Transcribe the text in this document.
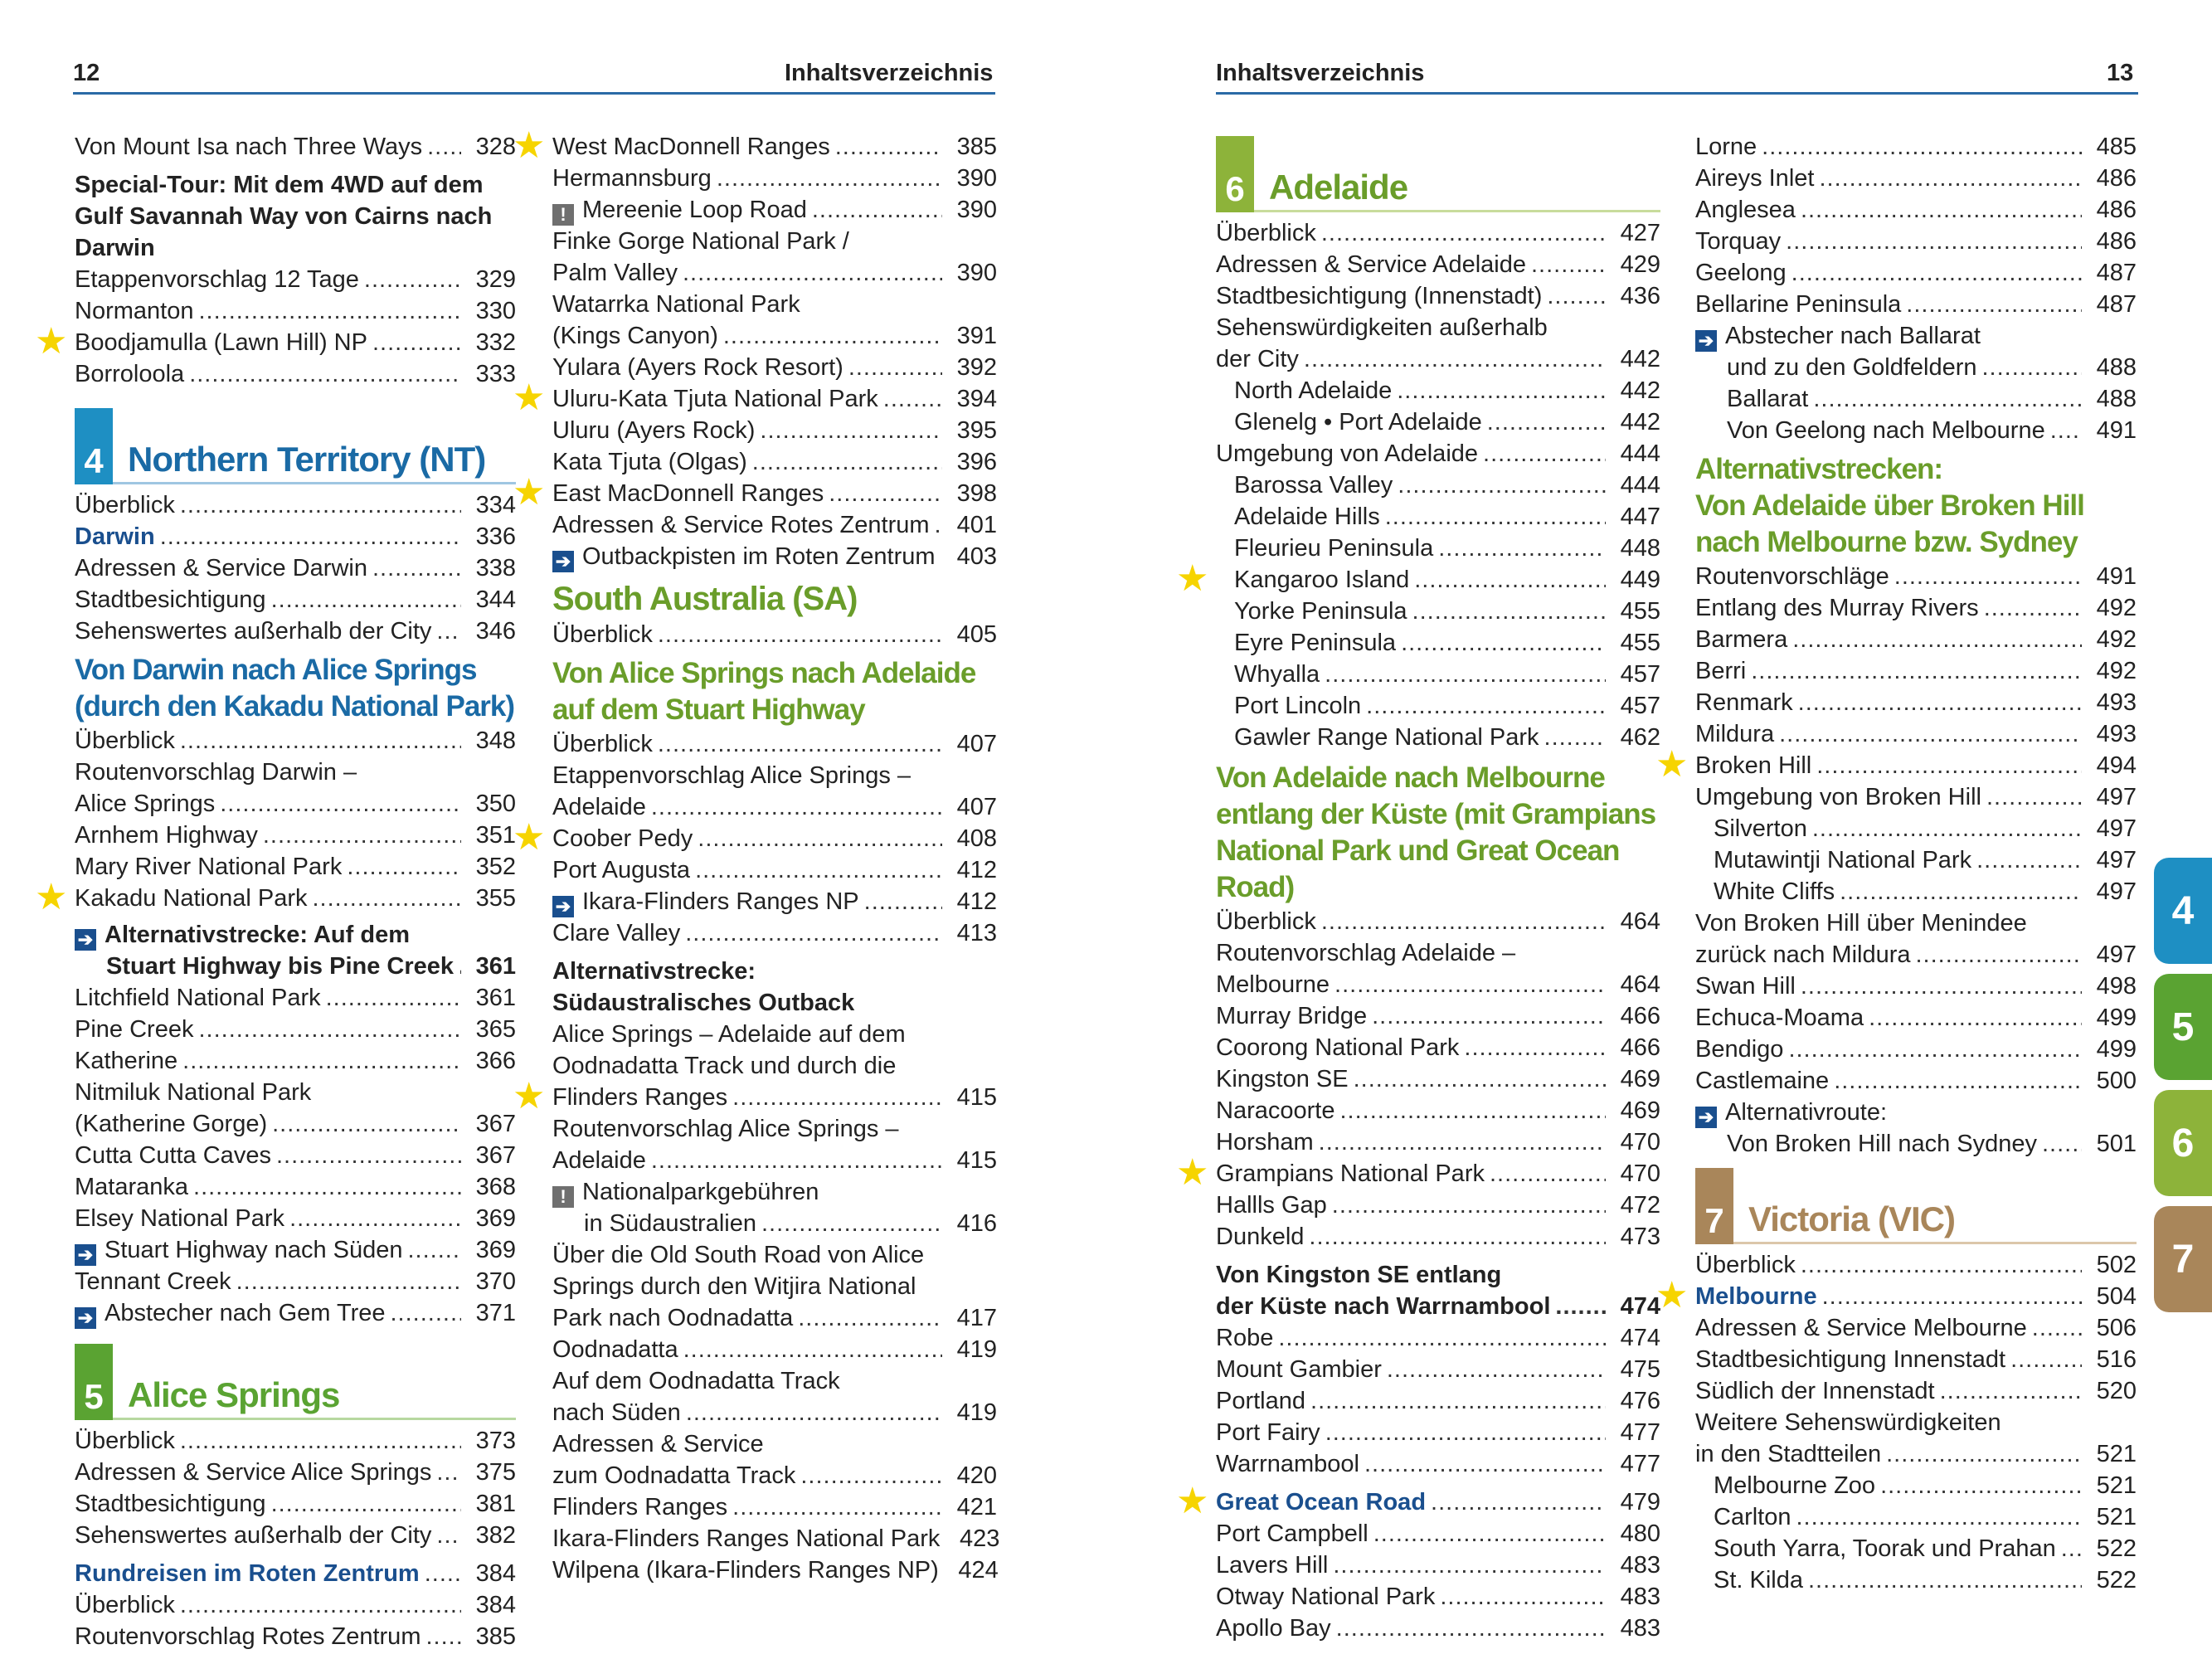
12	Inhaltsverzeichnis	Inhaltsverzeichnis	13
Von Mount Isa nach Three Ways .....	328
Special-Tour: Mit dem 4WD auf dem
Gulf Savannah Way von Cairns nach
Darwin
Etappenvorschlag 12 Tage .....	329
Normanton .....	330
★ Boodjamulla (Lawn Hill) NP .....	332
Borroloola .....	333
4 Northern Territory (NT)
Überblick .....	334
Darwin .....	336
Adressen & Service Darwin .....	338
Stadtbesichtigung .....	344
Sehenswertes außerhalb der City .....	346
Von Darwin nach Alice Springs
(durch den Kakadu National Park)
Überblick .....	348
Routenvorschlag Darwin –
Alice Springs .....	350
Arnhem Highway .....	351
Mary River National Park .....	352
★ Kakadu National Park .....	355
➔ Alternativstrecke: Auf dem
Stuart Highway bis Pine Creek ..... 361
Litchfield National Park .....	361
Pine Creek .....	365
Katherine .....	366
Nitmiluk National Park
(Katherine Gorge) .....	367
Cutta Cutta Caves .....	367
Mataranka .....	368
Elsey National Park .....	369
➔ Stuart Highway nach Süden .....	369
Tennant Creek .....	370
➔ Abstecher nach Gem Tree .....	371
5 Alice Springs
Überblick .....	373
Adressen & Service Alice Springs .....	375
Stadtbesichtigung .....	381
Sehenswertes außerhalb der City .....	382
Rundreisen im Roten Zentrum .....	384
Überblick .....	384
Routenvorschlag Rotes Zentrum .....	385
★ West MacDonnell Ranges .....	385
Hermannsburg .....	390
! Mereenie Loop Road .....	390
Finke Gorge National Park /
Palm Valley .....	390
Watarrka National Park
(Kings Canyon) .....	391
Yulara (Ayers Rock Resort) .....	392
★ Uluru-Kata Tjuta National Park .....	394
Uluru (Ayers Rock) .....	395
Kata Tjuta (Olgas) .....	396
★ East MacDonnell Ranges .....	398
Adressen & Service Rotes Zentrum .....	401
➔ Outbackpisten im Roten Zentrum ..... 403
South Australia (SA)
Überblick .....	405
Von Alice Springs nach Adelaide
auf dem Stuart Highway
Überblick .....	407
Etappenvorschlag Alice Springs –
Adelaide .....	407
★ Coober Pedy .....	408
Port Augusta .....	412
➔ Ikara-Flinders Ranges NP .....	412
Clare Valley .....	413
Alternativstrecke:
Südaustralisches Outback
Alice Springs – Adelaide auf dem
Oodnadatta Track und durch die
★ Flinders Ranges .....	415
Routenvorschlag Alice Springs –
Adelaide .....	415
! Nationalparkgebühren
in Südaustralien .....	416
Über die Old South Road von Alice
Springs durch den Witjira National
Park nach Oodnadatta .....	417
Oodnadatta .....	419
Auf dem Oodnadatta Track
nach Süden .....	419
Adressen & Service
zum Oodnadatta Track .....	420
Flinders Ranges .....	421
Ikara-Flinders Ranges National Park 423
Wilpena (Ikara-Flinders Ranges NP) 424
6 Adelaide
Überblick .....	427
Adressen & Service Adelaide .....	429
Stadtbesichtigung (Innenstadt) .....	436
Sehenswürdigkeiten außerhalb
der City .....	442
North Adelaide .....	442
Glenelg • Port Adelaide .....	442
Umgebung von Adelaide .....	444
Barossa Valley .....	444
Adelaide Hills .....	447
Fleurieu Peninsula .....	448
★	Kangaroo Island .....	449
Yorke Peninsula .....	455
Eyre Peninsula .....	455
Whyalla .....	457
Port Lincoln .....	457
Gawler Range National Park .....	462
Von Adelaide nach Melbourne
entlang der Küste (mit Grampians
National Park und Great Ocean Road)
Überblick .....	464
Routenvorschlag Adelaide –
Melbourne .....	464
Murray Bridge .....	466
Coorong National Park .....	466
Kingston SE .....	469
Naracoorte .....	469
Horsham .....	470
★ Grampians National Park .....	470
Hallls Gap .....	472
Dunkeld .....	473
Von Kingston SE entlang
der Küste nach Warrnambool .....	474
Robe .....	474
Mount Gambier .....	475
Portland .....	476
Port Fairy .....	477
Warrnambool .....	477
★ Great Ocean Road .....	479
Port Campbell .....	480
Lavers Hill .....	483
Otway National Park .....	483
Apollo Bay .....	483
Lorne .....	485
Aireys Inlet .....	486
Anglesea .....	486
Torquay .....	486
Geelong .....	487
Bellarine Peninsula .....	487
➔ Abstecher nach Ballarat
und zu den Goldfeldern .....	488
Ballarat .....	488
Von Geelong nach Melbourne .....	491
Alternativstrecken:
Von Adelaide über Broken Hill
nach Melbourne bzw. Sydney
Routenvorschläge .....	491
Entlang des Murray Rivers .....	492
Barmera .....	492
Berri .....	492
Renmark .....	493
Mildura .....	493
★ Broken Hill .....	494
Umgebung von Broken Hill .....	497
Silverton .....	497
Mutawintji National Park .....	497
White Cliffs .....	497
Von Broken Hill über Menindee
zurück nach Mildura .....	497
Swan Hill .....	498
Echuca-Moama .....	499
Bendigo .....	499
Castlemaine .....	500
➔ Alternativroute:
Von Broken Hill nach Sydney .....	501
7 Victoria (VIC)
Überblick .....	502
★ Melbourne .....	504
Adressen & Service Melbourne .....	506
Stadtbesichtigung Innenstadt .....	516
Südlich der Innenstadt .....	520
Weitere Sehenswürdigkeiten
in den Stadtteilen .....	521
Melbourne Zoo .....	521
Carlton .....	521
South Yarra, Toorak und Prahan .....	522
St. Kilda .....	522
4
5
6
7
